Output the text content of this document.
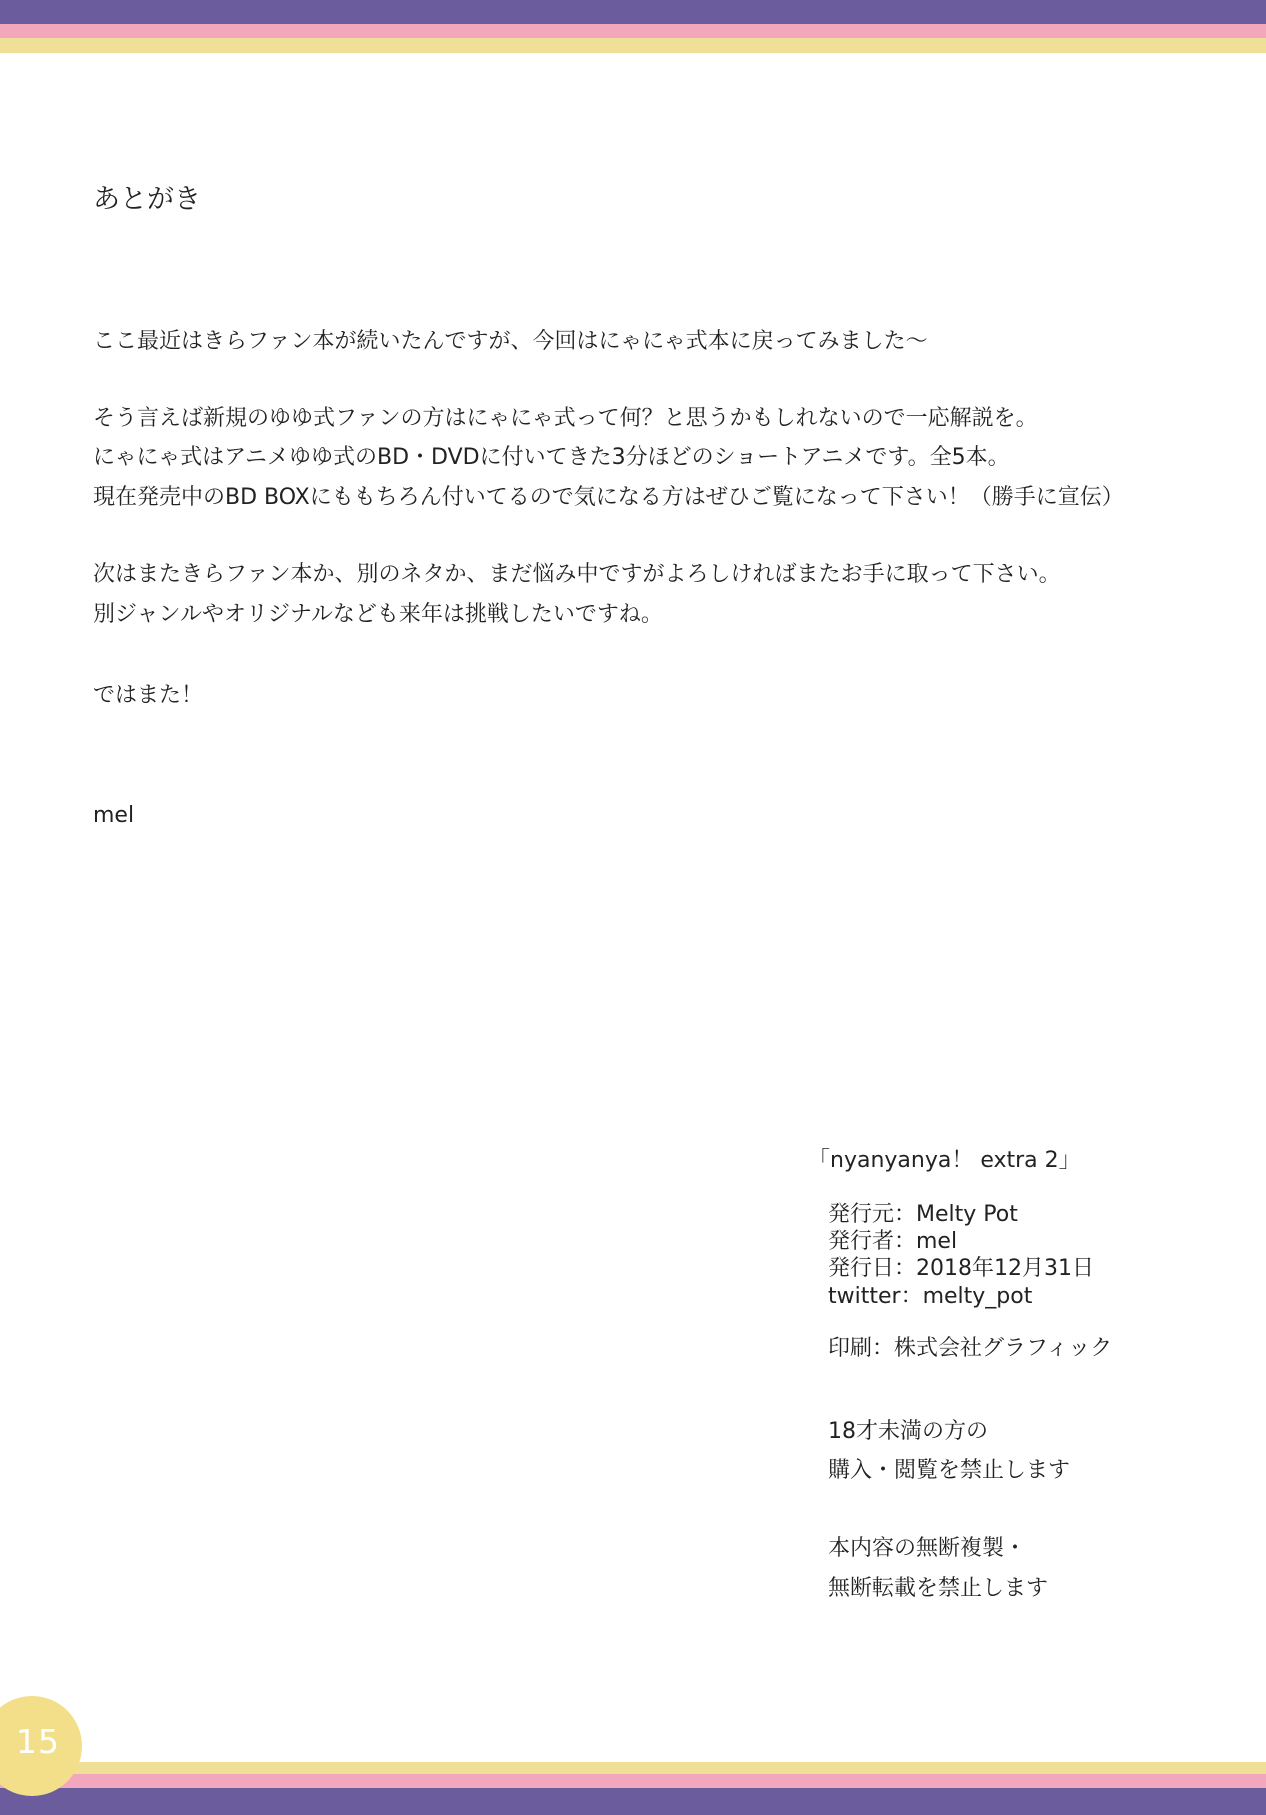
あとがき
ここ最近はきらファン本が続いたんですが、今回はにゃにゃ式本に戻ってみました〜
そう言えば新規のゆゆ式ファンの方はにゃにゃ式って何？と思うかもしれないので一応解説を。
にゃにゃ式はアニメゆゆ式のBD・DVDに付いてきた3分ほどのショートアニメです。全5本。
現在発売中のBD BOXにももちろん付いてるので気になる方はぜひご覧になって下さい！（勝手に宣伝）
次はまたきらファン本か、別のネタか、まだ悩み中ですがよろしければまたお手に取って下さい。
別ジャンルやオリジナルなども来年は挑戦したいですね。
ではまた！
mel
「nyanyanya！ extra 2」
発行元：Melty Pot
発行者：mel
発行日：2018年12月31日
twitter：melty_pot
印刷：株式会社グラフィック
18才未満の方の
購入・閲覧を禁止します
本内容の無断複製・
無断転載を禁止します
15
